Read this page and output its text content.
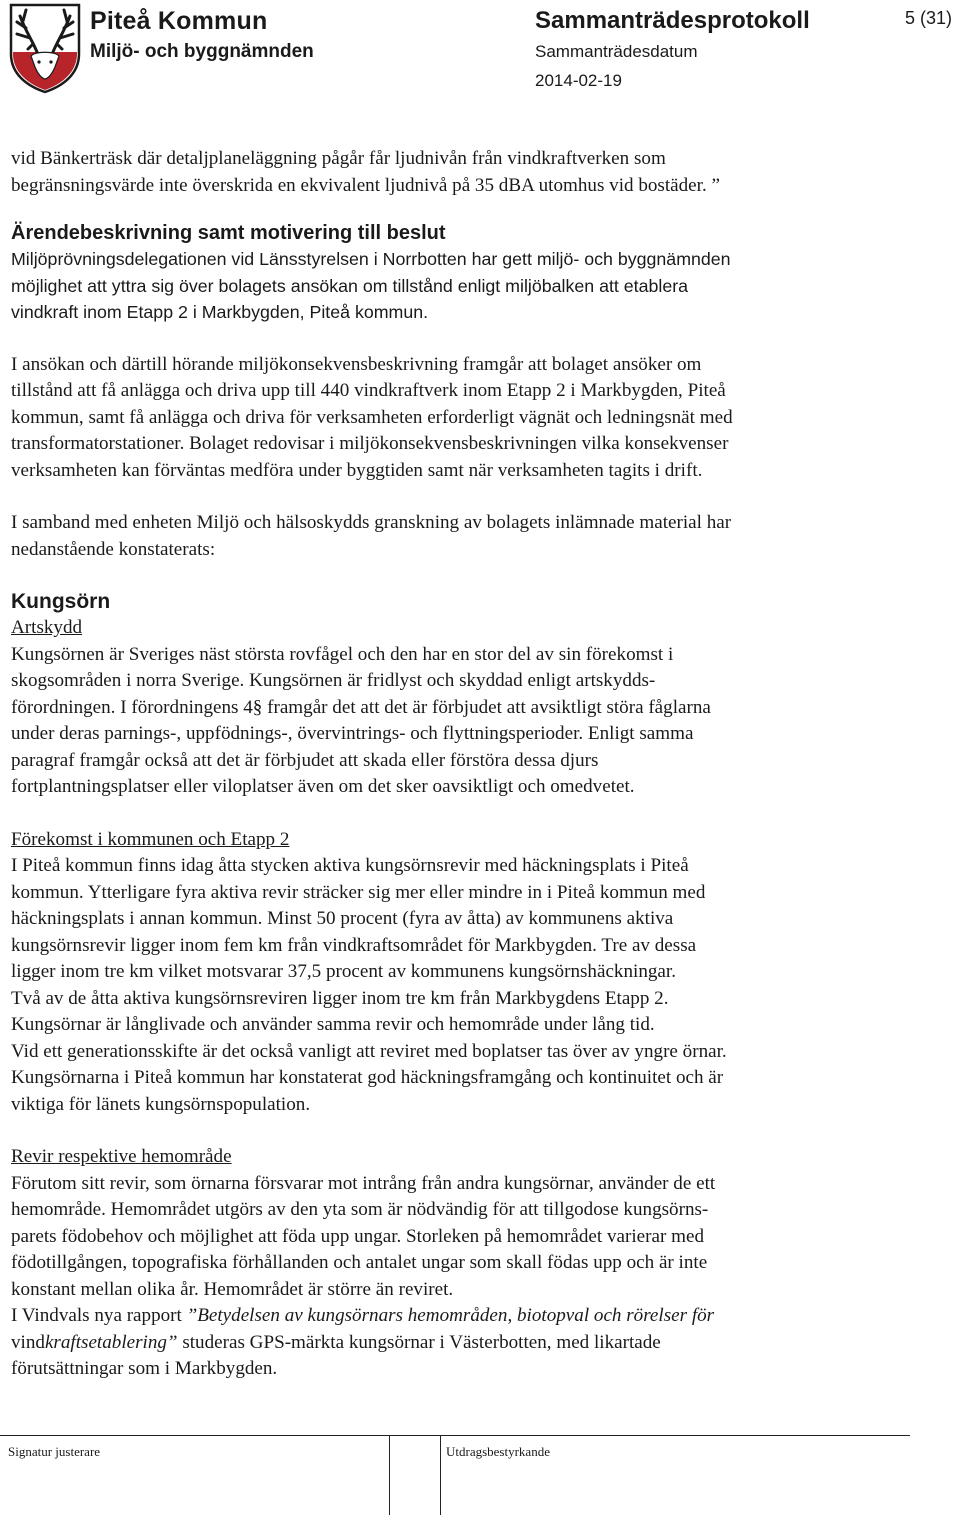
Piteå Kommun
Miljö- och byggnämnden
Sammanträdesprotokoll
Sammanträdesdatum
2014-02-19
5 (31)

vid Bänkerträsk där detaljplaneläggning pågår får ljudnivån från vindkraftverken som

begränsningsvärde inte överskrida en ekvivalent ljudnivå på 35 dBA utomhus vid bostäder. ”

Ärendebeskrivning samt motivering till beslut

Miljöprövningsdelegationen vid Länsstyrelsen i Norrbotten har gett miljö- och byggnämnden

möjlighet att yttra sig över bolagets ansökan om tillstånd enligt miljöbalken att etablera

vindkraft inom Etapp 2 i Markbygden, Piteå kommun.

I ansökan och därtill hörande miljökonsekvensbeskrivning framgår att bolaget ansöker om

tillstånd att få anlägga och driva upp till 440 vindkraftverk inom Etapp 2 i Markbygden, Piteå

kommun, samt få anlägga och driva för verksamheten erforderligt vägnät och ledningsnät med

transformatorstationer. Bolaget redovisar i miljökonsekvensbeskrivningen vilka konsekvenser

verksamheten kan förväntas medföra under byggtiden samt när verksamheten tagits i drift.

I samband med enheten Miljö och hälsoskydds granskning av bolagets inlämnade material har

nedanstående konstaterats:

Kungsörn

Artskydd

Kungsörnen är Sveriges näst största rovfågel och den har en stor del av sin förekomst i

skogsområden i norra Sverige. Kungsörnen är fridlyst och skyddad enligt artskydds-

förordningen. I förordningens 4§ framgår det att det är förbjudet att avsiktligt störa fåglarna

under deras parnings-, uppfödnings-, övervintrings- och flyttningsperioder. Enligt samma

paragraf framgår också att det är förbjudet att skada eller förstöra dessa djurs

fortplantningsplatser eller viloplatser även om det sker oavsiktligt och omedvetet.

Förekomst i kommunen och Etapp 2

I Piteå kommun finns idag åtta stycken aktiva kungsörnsrevir med häckningsplats i Piteå

kommun. Ytterligare fyra aktiva revir sträcker sig mer eller mindre in i Piteå kommun med

häckningsplats i annan kommun. Minst 50 procent (fyra av åtta) av kommunens aktiva

kungsörnsrevir ligger inom fem km från vindkraftsområdet för Markbygden. Tre av dessa

ligger inom tre km vilket motsvarar 37,5 procent av kommunens kungsörnshäckningar.

Två av de åtta aktiva kungsörnsreviren ligger inom tre km från Markbygdens Etapp 2.

Kungsörnar är långlivade och använder samma revir och hemområde under lång tid.

Vid ett generationsskifte är det också vanligt att reviret med boplatser tas över av yngre örnar.

Kungsörnarna i Piteå kommun har konstaterat god häckningsframgång och kontinuitet och är

viktiga för länets kungsörnspopulation.

Revir respektive hemområde

Förutom sitt revir, som örnarna försvarar mot intrång från andra kungsörnar, använder de ett

hemområde. Hemområdet utgörs av den yta som är nödvändig för att tillgodose kungsörns-

parets födobehov och möjlighet att föda upp ungar. Storleken på hemområdet varierar med

födotillgången, topografiska förhållanden och antalet ungar som skall födas upp och är inte

konstant mellan olika år. Hemområdet är större än reviret.

I Vindvals nya rapport ”Betydelsen av kungsörnars hemområden, biotopval och rörelser för

vindkraftsetablering” studeras GPS-märkta kungsörnar i Västerbotten, med likartade

förutsättningar som i Markbygden.

Signatur justerare	Utdragsbestyrkande
